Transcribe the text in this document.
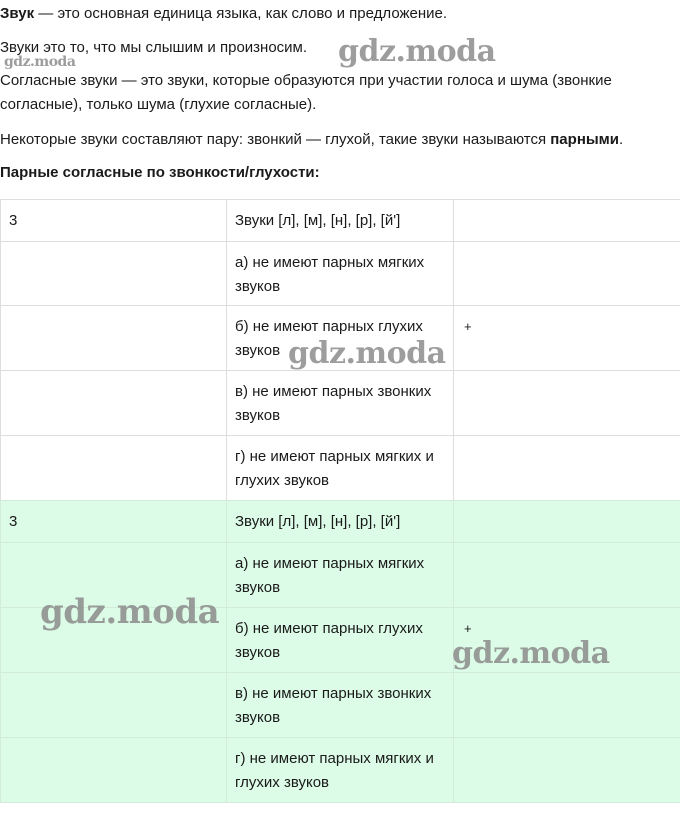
Звук — это основная единица языка, как слово и предложение.

Звуки это то, что мы слышим и произносим.

Согласные звуки — это звуки, которые образуются при участии голоса и шума (звонкие согласные), только шума (глухие согласные).

Некоторые звуки составляют пару: звонкий — глухой, такие звуки называются парными.

Парные согласные по звонкости/глухости:

3	Звуки [л], [м], [н], [р], [й']	
	а) не имеют парных мягких звуков	
	б) не имеют парных глухих звуков	+
	в) не имеют парных звонких звуков	
	г) не имеют парных мягких и глухих звуков	
3	Звуки [л], [м], [н], [р], [й']	
	а) не имеют парных мягких звуков	
	б) не имеют парных глухих звуков	+
	в) не имеют парных звонких звуков	
	г) не имеют парных мягких и глухих звуков	
gdz.moda	gdz.moda
gdz.moda
gdz.moda
gdz.moda
